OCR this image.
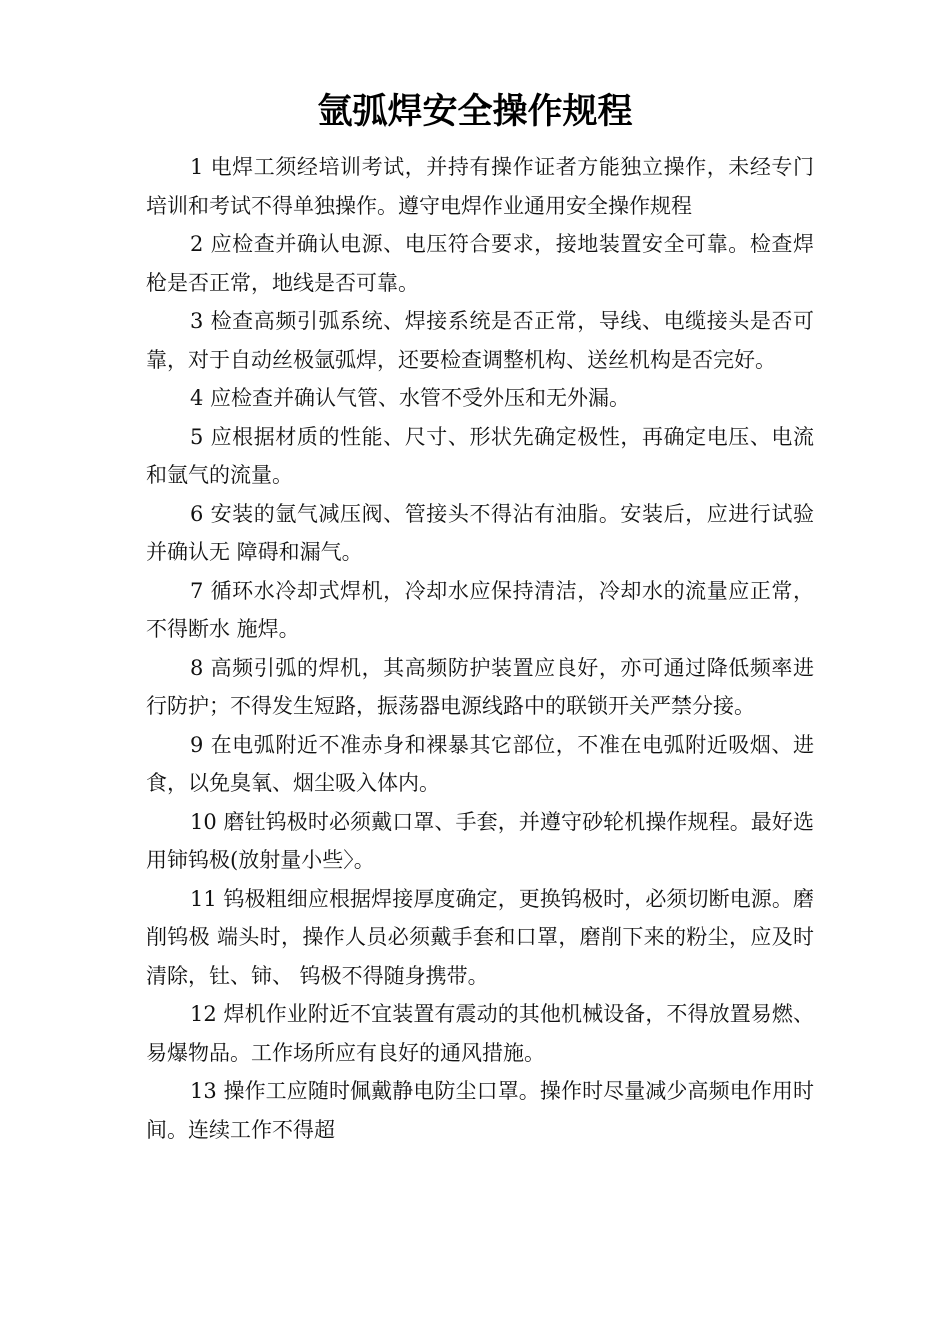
氩弧焊安全操作规程

1 电焊工须经培训考试，并持有操作证者方能独立操作，未经专门培训和考试不得单独操作。遵守电焊作业通用安全操作规程

2 应检查并确认电源、电压符合要求，接地装置安全可靠。检查焊枪是否正常，地线是否可靠。

3 检查高频引弧系统、焊接系统是否正常，导线、电缆接头是否可靠，对于自动丝极氩弧焊，还要检查调整机构、送丝机构是否完好。

4 应检查并确认气管、水管不受外压和无外漏。

5 应根据材质的性能、尺寸、形状先确定极性，再确定电压、电流和氩气的流量。

6 安装的氩气减压阀、管接头不得沾有油脂。安装后，应进行试验并确认无 障碍和漏气。

7 循环水冷却式焊机，冷却水应保持清洁，冷却水的流量应正常，不得断水 施焊。

8 高频引弧的焊机，其高频防护装置应良好，亦可通过降低频率进行防护；不得发生短路，振荡器电源线路中的联锁开关严禁分接。

9 在电弧附近不准赤身和裸暴其它部位，不准在电弧附近吸烟、进食，以免臭氧、烟尘吸入体内。

10 磨钍钨极时必须戴口罩、手套，并遵守砂轮机操作规程。最好选用铈钨极(放射量小些〉。

11 钨极粗细应根据焊接厚度确定，更换钨极时，必须切断电源。磨削钨极 端头时，操作人员必须戴手套和口罩，磨削下来的粉尘，应及时清除，钍、铈、 钨极不得随身携带。

12 焊机作业附近不宜装置有震动的其他机械设备，不得放置易燃、易爆物品。工作场所应有良好的通风措施。

13 操作工应随时佩戴静电防尘口罩。操作时尽量减少高频电作用时间。连续工作不得超
